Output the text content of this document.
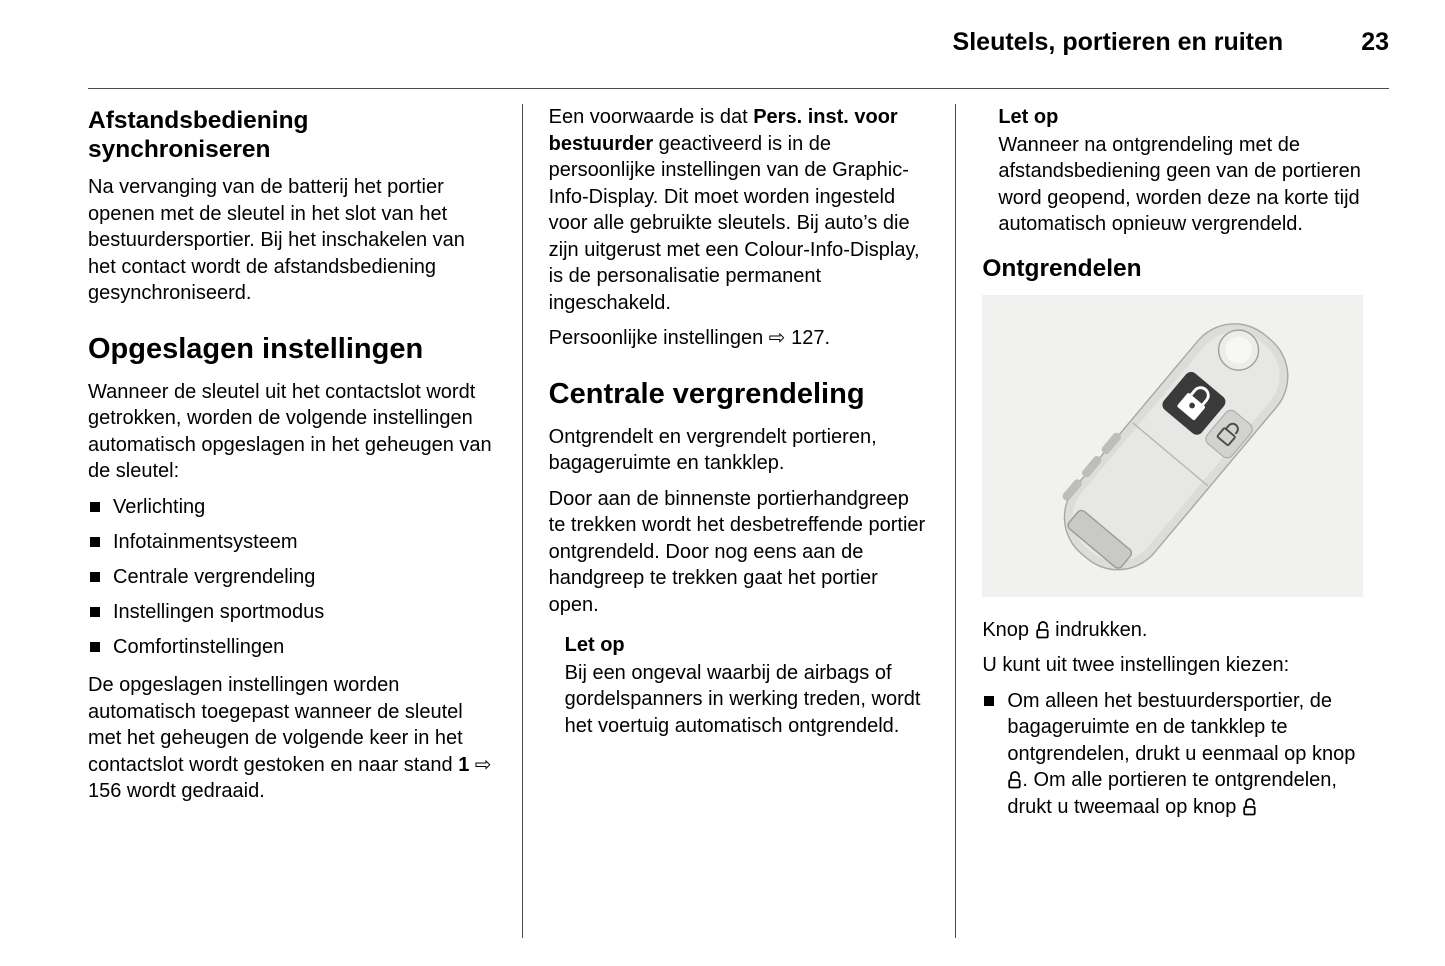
Sleutels, portieren en ruiten	23
Afstandsbediening synchroniseren

Na vervanging van de batterij het portier openen met de sleutel in het slot van het bestuurdersportier. Bij het inschakelen van het contact wordt de afstandsbediening gesynchroniseerd.

Opgeslagen instellingen

Wanneer de sleutel uit het contactslot wordt getrokken, worden de volgende instellingen automatisch opgeslagen in het geheugen van de sleutel:

Verlichting
Infotainmentsysteem
Centrale vergrendeling
Instellingen sportmodus
Comfortinstellingen

De opgeslagen instellingen worden automatisch toegepast wanneer de sleutel met het geheugen de volgende keer in het contactslot wordt gestoken en naar stand 1 ⇨ 156 wordt gedraaid.

Een voorwaarde is dat Pers. inst. voor bestuurder geactiveerd is in de persoonlijke instellingen van de Graphic-Info-Display. Dit moet worden ingesteld voor alle gebruikte sleutels. Bij auto’s die zijn uitgerust met een Colour-Info-Display, is de personalisatie permanent ingeschakeld.

Persoonlijke instellingen ⇨ 127.

Centrale vergrendeling

Ontgrendelt en vergrendelt portieren, bagageruimte en tankklep.

Door aan de binnenste portierhandgreep te trekken wordt het desbetreffende portier ontgrendeld. Door nog eens aan de handgreep te trekken gaat het portier open.

Let op

Bij een ongeval waarbij de airbags of gordelspanners in werking treden, wordt het voertuig automatisch ontgrendeld.

Let op

Wanneer na ontgrendeling met de afstandsbediening geen van de portieren word geopend, worden deze na korte tijd automatisch opnieuw vergrendeld.

Ontgrendelen

Knop  indrukken.

U kunt uit twee instellingen kiezen:

Om alleen het bestuurdersportier, de bagageruimte en de tankklep te ontgrendelen, drukt u eenmaal op knop . Om alle portieren te ontgrendelen, drukt u tweemaal op knop
